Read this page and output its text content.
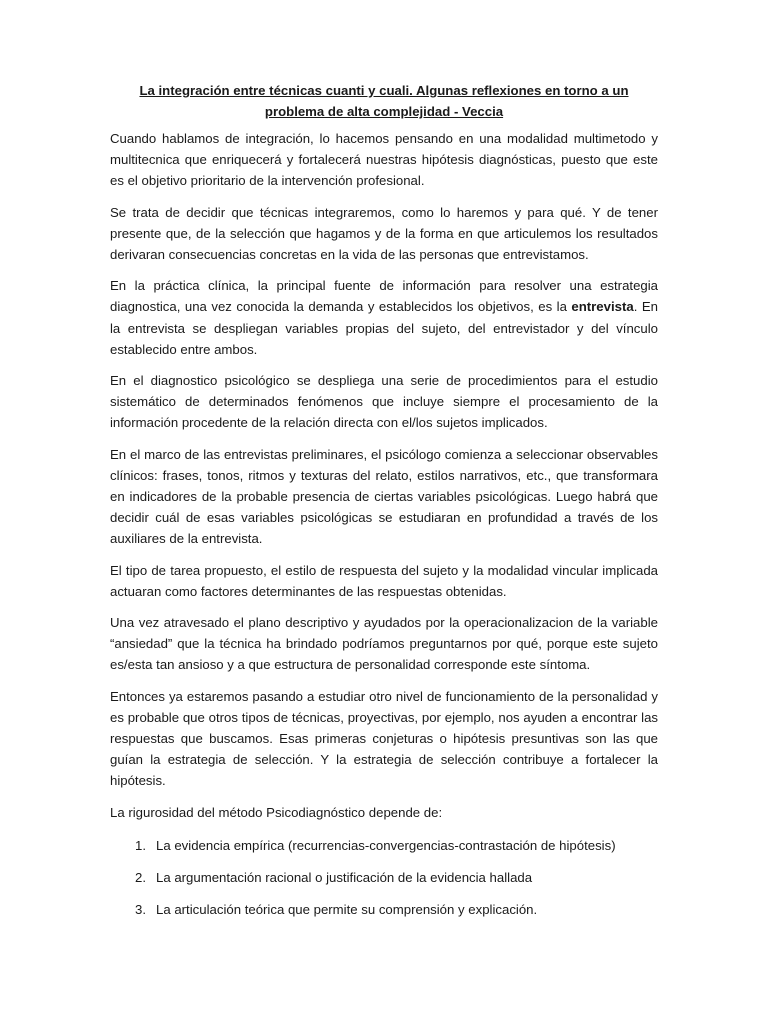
La integración entre técnicas cuanti y cuali. Algunas reflexiones en torno a un problema de alta complejidad - Veccia

Cuando hablamos de integración, lo hacemos pensando en una modalidad multimetodo y multitecnica que enriquecerá y fortalecerá nuestras hipótesis diagnósticas, puesto que este es el objetivo prioritario de la intervención profesional.

Se trata de decidir que técnicas integraremos, como lo haremos y para qué. Y de tener presente que, de la selección que hagamos y de la forma en que articulemos los resultados derivaran consecuencias concretas en la vida de las personas que entrevistamos.

En la práctica clínica, la principal fuente de información para resolver una estrategia diagnostica, una vez conocida la demanda y establecidos los objetivos, es la entrevista. En la entrevista se despliegan variables propias del sujeto, del entrevistador y del vínculo establecido entre ambos.

En el diagnostico psicológico se despliega una serie de procedimientos para el estudio sistemático de determinados fenómenos que incluye siempre el procesamiento de la información procedente de la relación directa con el/los sujetos implicados.

En el marco de las entrevistas preliminares, el psicólogo comienza a seleccionar observables clínicos: frases, tonos, ritmos y texturas del relato, estilos narrativos, etc., que transformara en indicadores de la probable presencia de ciertas variables psicológicas. Luego habrá que decidir cuál de esas variables psicológicas se estudiaran en profundidad a través de los auxiliares de la entrevista.

El tipo de tarea propuesto, el estilo de respuesta del sujeto y la modalidad vincular implicada actuaran como factores determinantes de las respuestas obtenidas.

Una vez atravesado el plano descriptivo y ayudados por la operacionalizacion de la variable “ansiedad” que la técnica ha brindado podríamos preguntarnos por qué, porque este sujeto es/esta tan ansioso y a que estructura de personalidad corresponde este síntoma.

Entonces ya estaremos pasando a estudiar otro nivel de funcionamiento de la personalidad y es probable que otros tipos de técnicas, proyectivas, por ejemplo, nos ayuden a encontrar las respuestas que buscamos. Esas primeras conjeturas o hipótesis presuntivas son las que guían la estrategia de selección. Y la estrategia de selección contribuye a fortalecer la hipótesis.

La rigurosidad del método Psicodiagnóstico depende de:

1. La evidencia empírica (recurrencias-convergencias-contrastación de hipótesis)
2. La argumentación racional o justificación de la evidencia hallada
3. La articulación teórica que permite su comprensión y explicación.
